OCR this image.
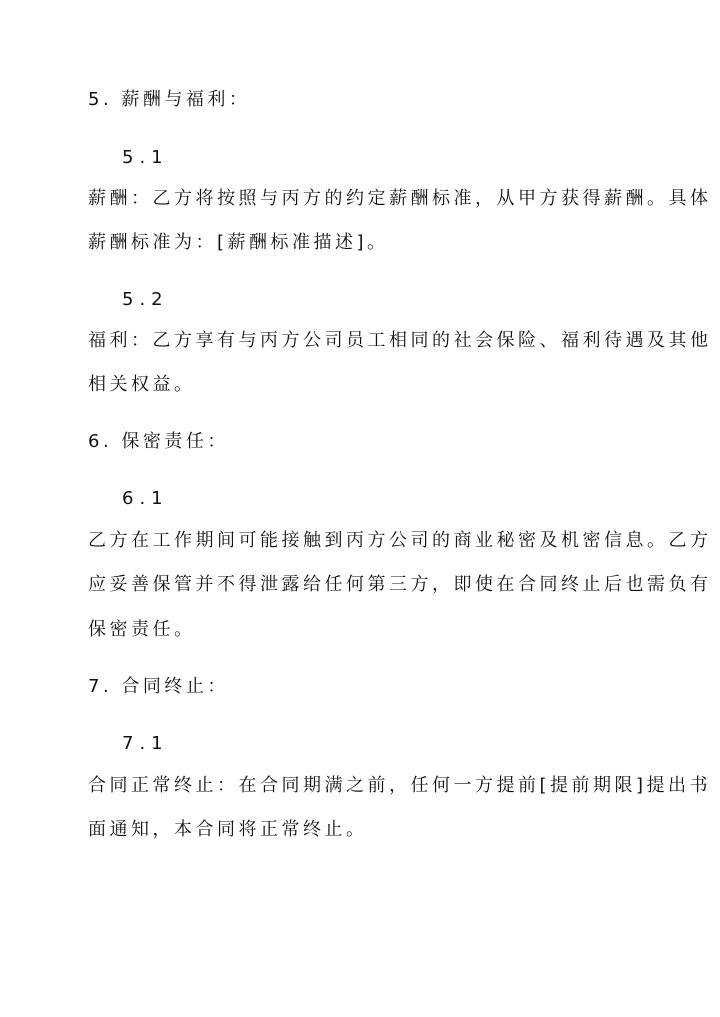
5. 薪酬与福利：
5.1
薪酬：乙方将按照与丙方的约定薪酬标准，从甲方获得薪酬。具体
薪酬标准为：[薪酬标准描述]。
5.2
福利：乙方享有与丙方公司员工相同的社会保险、福利待遇及其他
相关权益。
6. 保密责任：
6.1
乙方在工作期间可能接触到丙方公司的商业秘密及机密信息。乙方
应妥善保管并不得泄露给任何第三方，即使在合同终止后也需负有
保密责任。
7. 合同终止：
7.1
合同正常终止：在合同期满之前，任何一方提前[提前期限]提出书
面通知，本合同将正常终止。
